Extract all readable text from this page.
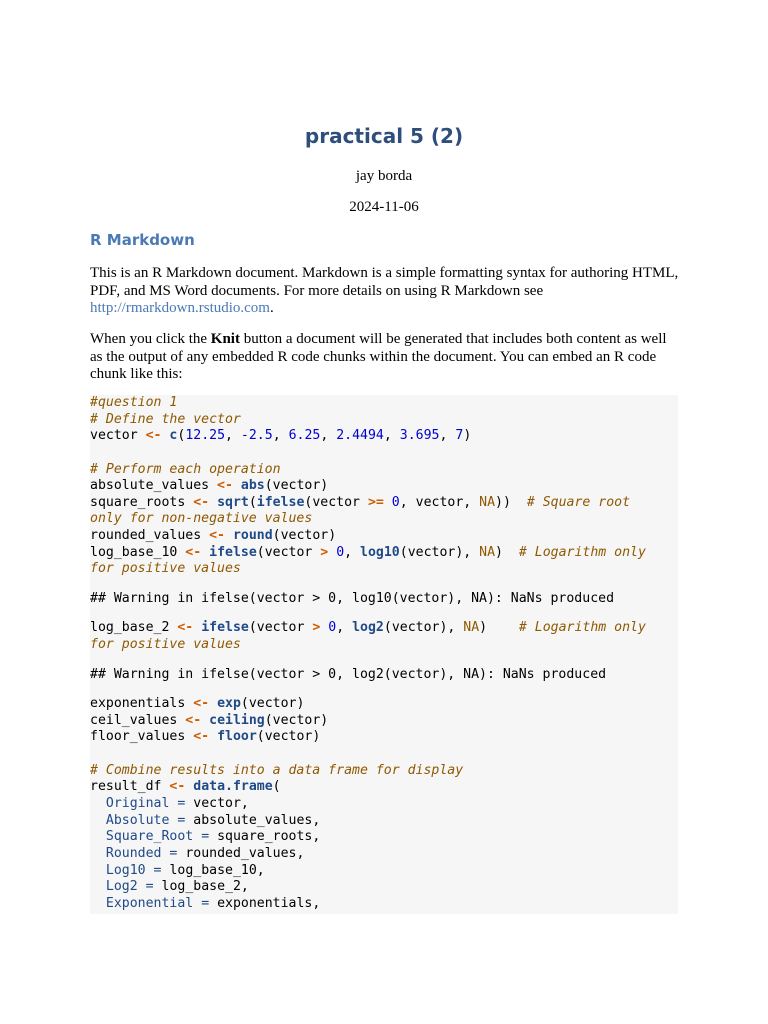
practical 5 (2)
jay borda
2024-11-06
R Markdown

This is an R Markdown document. Markdown is a simple formatting syntax for authoring HTML, PDF, and MS Word documents. For more details on using R Markdown see http://rmarkdown.rstudio.com.

When you click the Knit button a document will be generated that includes both content as well as the output of any embedded R code chunks within the document. You can embed an R code chunk like this:

#question 1
# Define the vector
vector <- c(12.25, -2.5, 6.25, 2.4494, 3.695, 7)
# Perform each operation
absolute_values <- abs(vector)
square_roots <- sqrt(ifelse(vector >= 0, vector, NA))  # Square root
only for non-negative values
rounded_values <- round(vector)
log_base_10 <- ifelse(vector > 0, log10(vector), NA)  # Logarithm only
for positive values
## Warning in ifelse(vector > 0, log10(vector), NA): NaNs produced
log_base_2 <- ifelse(vector > 0, log2(vector), NA)    # Logarithm only
for positive values
## Warning in ifelse(vector > 0, log2(vector), NA): NaNs produced
exponentials <- exp(vector)
ceil_values <- ceiling(vector)
floor_values <- floor(vector)
# Combine results into a data frame for display
result_df <- data.frame(
Original = vector,
Absolute = absolute_values,
Square_Root = square_roots,
Rounded = rounded_values,
Log10 = log_base_10,
Log2 = log_base_2,
Exponential = exponentials,
